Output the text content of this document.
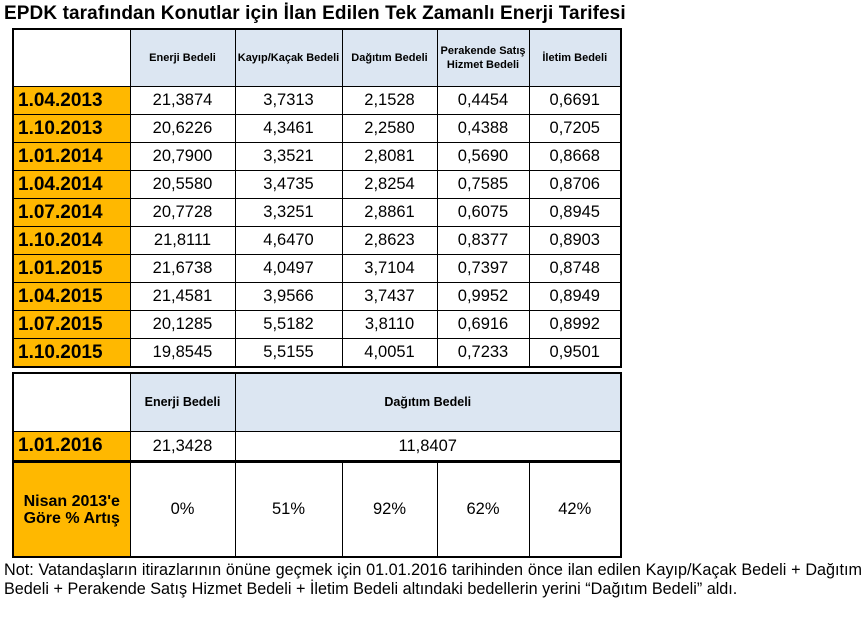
EPDK tarafından Konutlar için İlan Edilen Tek Zamanlı Enerji Tarifesi
	Enerji Bedeli	Kayıp/Kaçak Bedeli	Dağıtım Bedeli	Perakende Satış Hizmet Bedeli	İletim Bedeli
1.04.2013	21,3874	3,7313	2,1528	0,4454	0,6691
1.10.2013	20,6226	4,3461	2,2580	0,4388	0,7205
1.01.2014	20,7900	3,3521	2,8081	0,5690	0,8668
1.04.2014	20,5580	3,4735	2,8254	0,7585	0,8706
1.07.2014	20,7728	3,3251	2,8861	0,6075	0,8945
1.10.2014	21,8111	4,6470	2,8623	0,8377	0,8903
1.01.2015	21,6738	4,0497	3,7104	0,7397	0,8748
1.04.2015	21,4581	3,9566	3,7437	0,9952	0,8949
1.07.2015	20,1285	5,5182	3,8110	0,6916	0,8992
1.10.2015	19,8545	5,5155	4,0051	0,7233	0,9501
	Enerji Bedeli	Dağıtım Bedeli
1.01.2016	21,3428	11,8407
Nisan 2013'e Göre % Artış	0%	51%	92%	62%	42%
Not: Vatandaşların itirazlarının önüne geçmek için 01.01.2016 tarihinden önce ilan edilen Kayıp/Kaçak Bedeli + Dağıtım Bedeli + Perakende Satış Hizmet Bedeli + İletim Bedeli altındaki bedellerin yerini “Dağıtım Bedeli” aldı.
